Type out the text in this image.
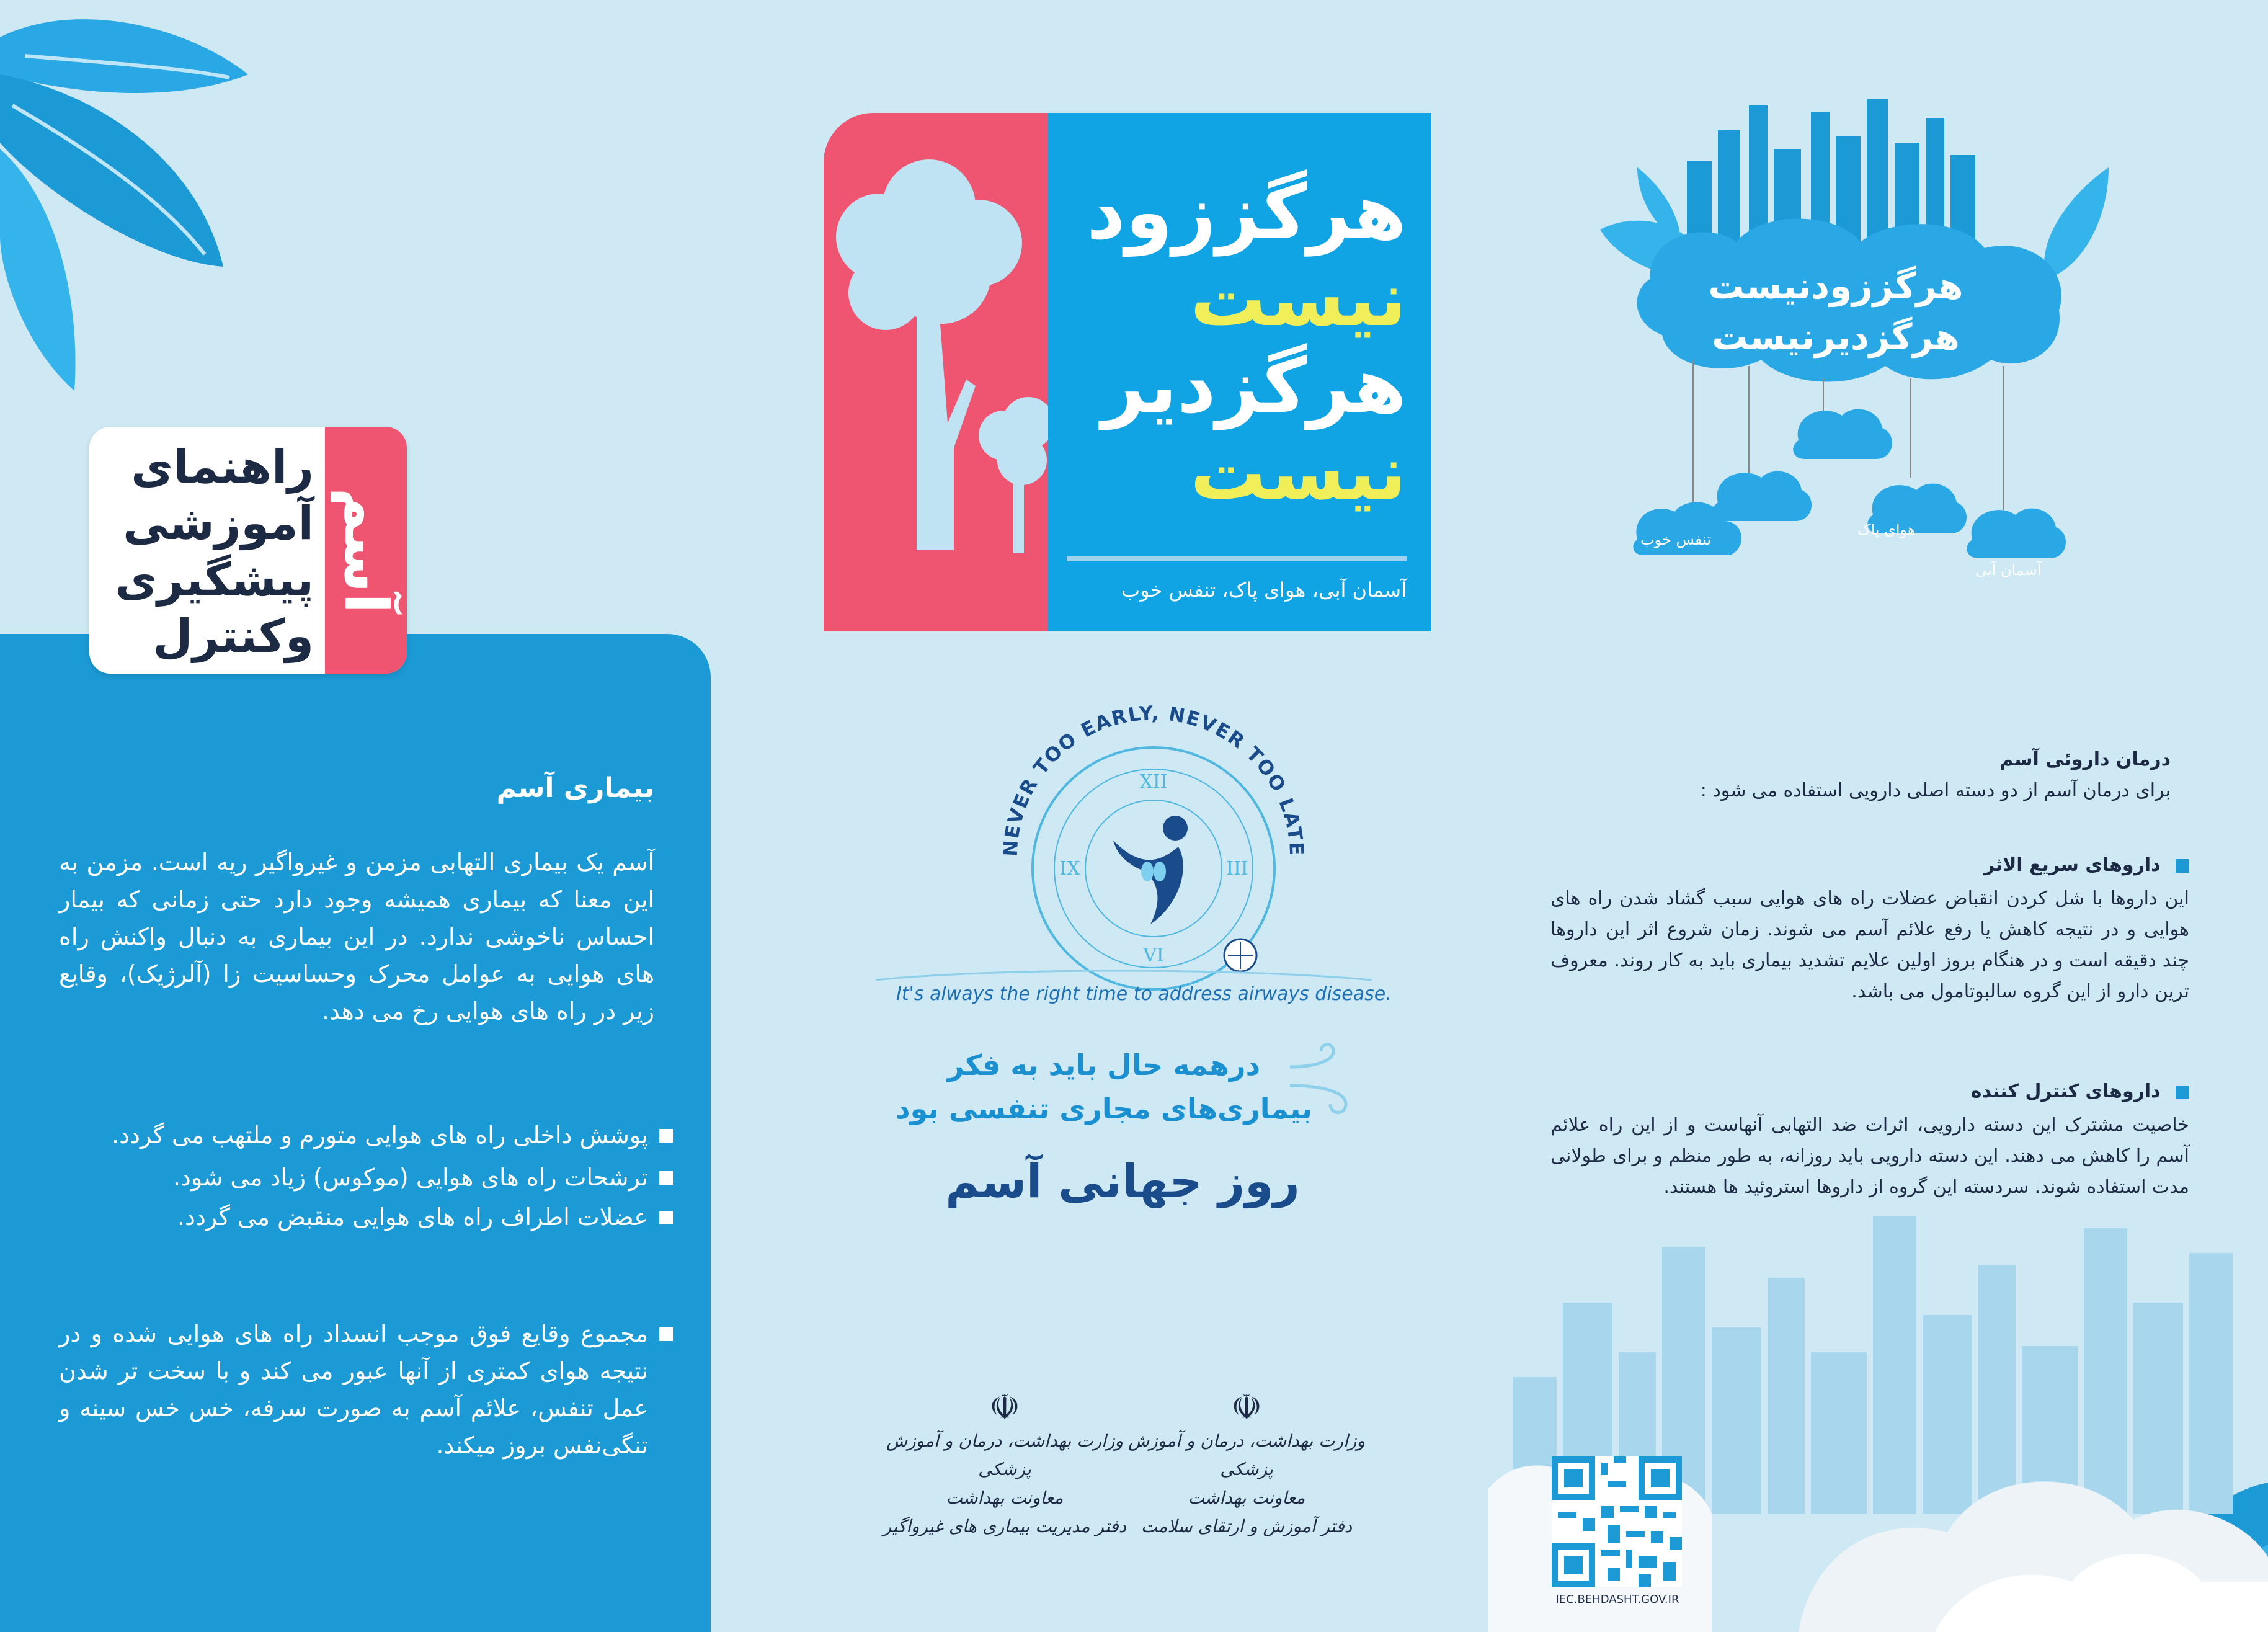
آسم
راهنمای
آموزشی
پیشگیری
وکنترل
بیماری آسم
آسم یک بیماری التهابی مزمن و غیرواگیر ریه است. مزمن به این معنا که بیماری همیشه وجود دارد حتی زمانی که بیمار احساس ناخوشی ندارد. در این بیماری به دنبال واکنش راه های هوایی به عوامل محرک وحساسیت زا (آلرژیک)، وقایع زیر در راه های هوایی رخ می دهد.
پوشش داخلی راه های هوایی متورم و ملتهب می گردد.
ترشحات راه های هوایی (موکوس) زیاد می شود.
عضلات اطراف راه های هوایی منقبض می گردد.
مجموع وقایع فوق موجب انسداد راه های هوایی شده و در نتیجه هوای کمتری از آنها عبور می کند و با سخت تر شدن عمل تنفس، علائم آسم به صورت سرفه، خس خس سینه و تنگی‌نفس بروز میکند.
هرگززود
نیست
هرگزدیر
نیست
آسمان آبی، هوای پاک، تنفس خوب
NEVER TOO EARLY, NEVER TOO LATE
XII
III
VI
IX
It's always the right time to address airways disease.
درهمه حال باید به فکر
بیماری‌های مجاری تنفسی بود
روز جهانی آسم
☫
وزارت بهداشت، درمان و آموزش پزشکی
معاونت بهداشت
دفتر آموزش و ارتقای سلامت
☫
وزارت بهداشت، درمان و آموزش پزشکی
معاونت بهداشت
دفتر مدیریت بیماری های غیرواگیر
هرگززودنیست
هرگزدیرنیست
آسمان آبی
هوای پاک
تنفس خوب
درمان داروئی آسم
برای درمان آسم از دو دسته اصلی دارویی استفاده می شود :
داروهای سریع الاثر
این داروها با شل کردن انقباض عضلات راه های هوایی سبب گشاد شدن راه های هوایی و در نتیجه کاهش یا رفع علائم آسم می شوند. زمان شروع اثر این داروها چند دقیقه است و در هنگام بروز اولین علایم تشدید بیماری باید به کار روند. معروف ترین دارو از این گروه سالبوتامول می باشد.
داروهای کنترل کننده
خاصیت مشترک این دسته دارویی، اثرات ضد التهابی آنهاست و از این راه علائم آسم را کاهش می دهند. این دسته دارویی باید روزانه، به طور منظم و برای طولانی مدت استفاده شوند. سردسته این گروه از داروها استروئید ها هستند.
IEC.BEHDASHT.GOV.IR
